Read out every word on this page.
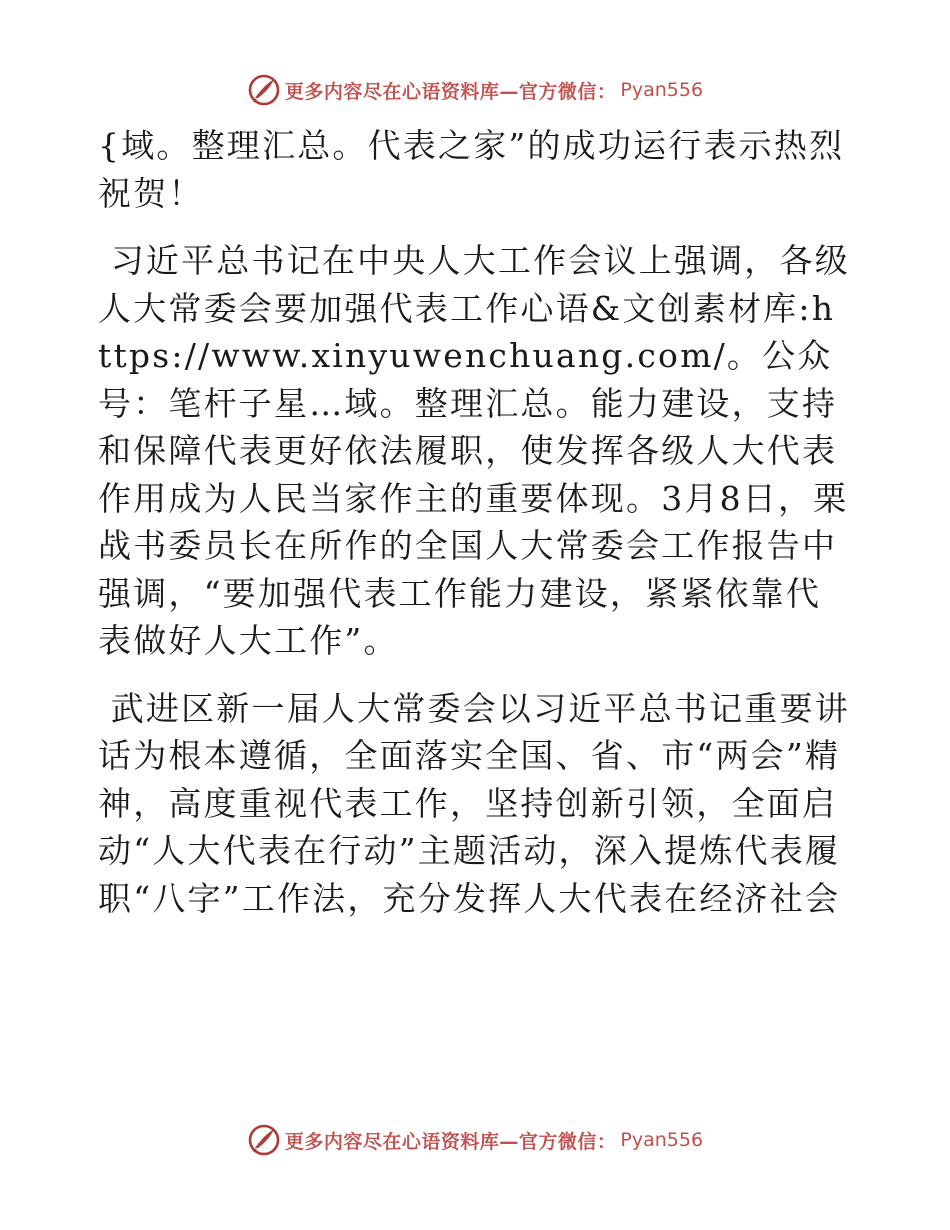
更多内容尽在心语资料库—官方微信： Pyan556

{域。整理汇总。代表之家”的成功运行表示热烈祝贺！

习近平总书记在中央人大工作会议上强调，各级人大常委会要加强代表工作心语&文创素材库:https://www.xinyuwenchuang.com/。公众号：笔杆子星…域。整理汇总。能力建设，支持和保障代表更好依法履职，使发挥各级人大代表作用成为人民当家作主的重要体现。3月8日，栗战书委员长在所作的全国人大常委会工作报告中强调，“要加强代表工作能力建设，紧紧依靠代表做好人大工作”。

武进区新一届人大常委会以习近平总书记重要讲话为根本遵循，全面落实全国、省、市“两会”精神，高度重视代表工作，坚持创新引领，全面启动“人大代表在行动”主题活动，深入提炼代表履职“八字”工作法，充分发挥人大代表在经济社会

更多内容尽在心语资料库—官方微信： Pyan556
